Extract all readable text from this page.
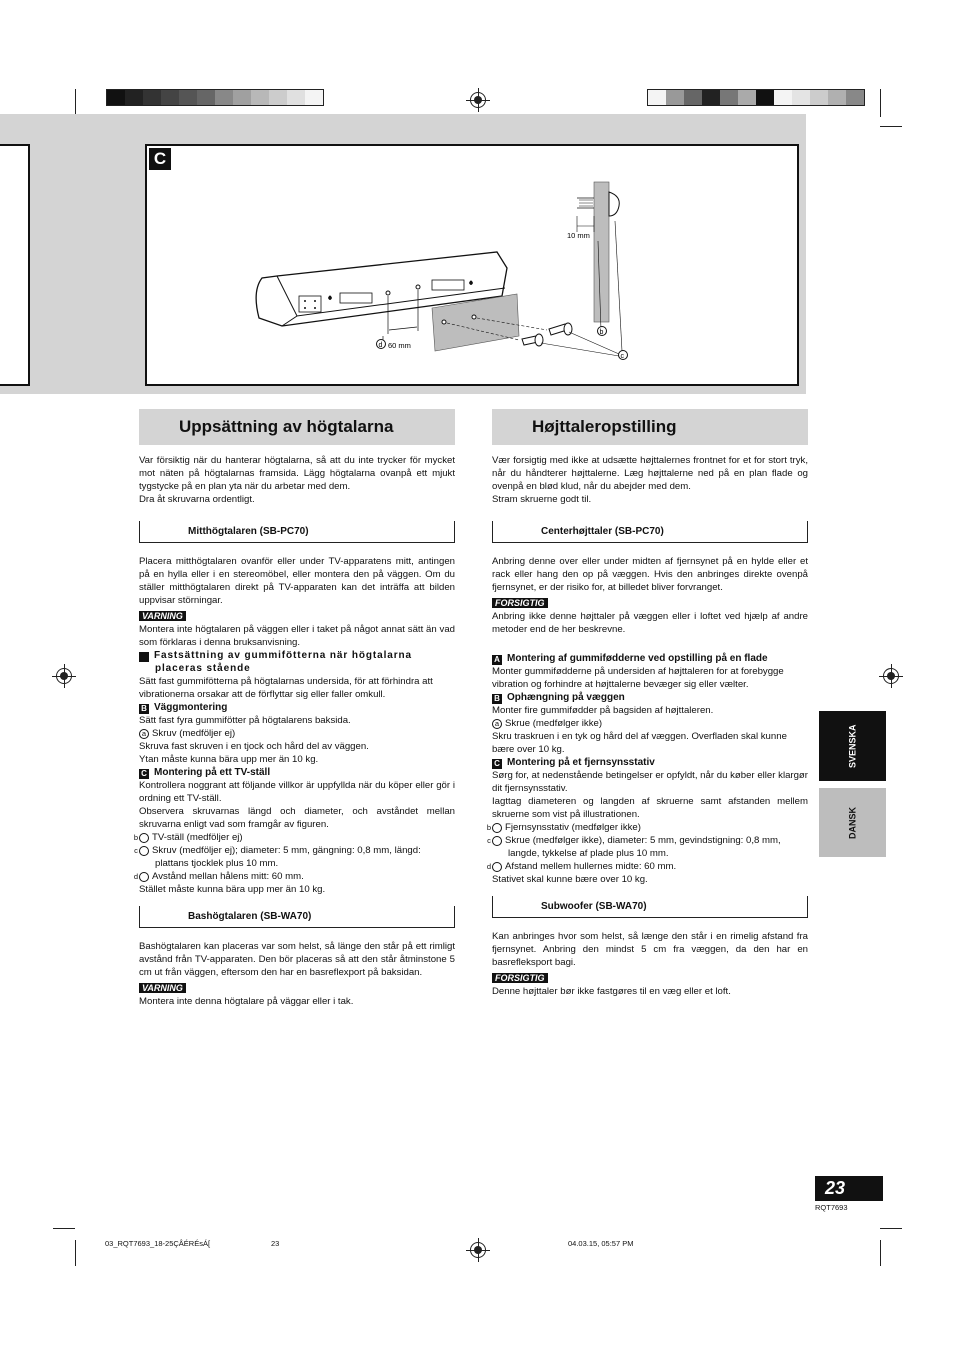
C
b
c
d
10 mm
60 mm
Uppsättning av högtalarna

Var försiktig när du hanterar högtalarna, så att du inte trycker för mycket mot näten på högtalarnas framsida. Lägg högtalarna ovanpå ett mjukt tygstycke på en plan yta när du arbetar med dem.

Dra åt skruvarna ordentligt.

Mitthögtalaren (SB-PC70)

Placera mitthögtalaren ovanför eller under TV-apparatens mitt, antingen på en hylla eller i en stereomöbel, eller montera den på väggen. Om du ställer mitthögtalaren direkt på TV-apparaten kan det inträffa att bilden uppvisar störningar.

VARNING

Montera inte högtalaren på väggen eller i taket på något annat sätt än vad som förklaras i denna bruksanvisning.

A Fastsättning av gummifötterna när högtalarna placeras stående

Sätt fast gummifötterna på högtalarnas undersida, för att förhindra att vibrationerna orsakar att de förflyttar sig eller faller omkull.

B Väggmontering

Sätt fast fyra gummifötter på högtalarens baksida.

a Skruv (medföljer ej)

Skruva fast skruven i en tjock och hård del av väggen.

Ytan måste kunna bära upp mer än 10 kg.

C Montering på ett TV-ställ

Kontrollera noggrant att följande villkor är uppfyllda när du köper eller gör i ordning ett TV-ställ.

Observera skruvarnas längd och diameter, och avståndet mellan skruvarna enligt vad som framgår av figuren.

b TV-ställ (medföljer ej)

c Skruv (medföljer ej); diameter: 5 mm, gängning: 0,8 mm, längd: plattans tjocklek plus 10 mm.

d Avstånd mellan hålens mitt: 60 mm.

Stället måste kunna bära upp mer än 10 kg.

Bashögtalaren (SB-WA70)

Bashögtalaren kan placeras var som helst, så länge den står på ett rimligt avstånd från TV-apparaten. Den bör placeras så att den står åtminstone 5 cm ut från väggen, eftersom den har en basreflexport på baksidan.

VARNING

Montera inte denna högtalare på väggar eller i tak.

Højttaleropstilling

Vær forsigtig med ikke at udsætte højttalernes frontnet for et for stort tryk, når du håndterer højttalerne. Læg højttalerne ned på en plan flade og ovenpå en blød klud, når du abejder med dem.

Stram skruerne godt til.

Centerhøjttaler (SB-PC70)

Anbring denne over eller under midten af fjernsynet på en hylde eller et rack eller hang den op på væggen. Hvis den anbringes direkte ovenpå fjernsynet, er der risiko for, at billedet bliver forvranget.

FORSIGTIG

Anbring ikke denne højttaler på væggen eller i loftet ved hjælp af andre metoder end de her beskrevne.

A Montering af gummifødderne ved opstilling på en flade

Monter gummifødderne på undersiden af højttaleren for at forebygge vibration og forhindre at højttalerne bevæger sig eller vælter.

B Ophængning på væggen

Monter fire gummifødder på bagsiden af højttaleren.

a Skrue (medfølger ikke)

Skru traskruen i en tyk og hård del af væggen. Overfladen skal kunne bære over 10 kg.

C Montering på et fjernsynsstativ

Sørg for, at nedenstående betingelser er opfyldt, når du køber eller klargør dit fjernsynsstativ.

Iagttag diameteren og langden af skruerne samt afstanden mellem skruerne som vist på illustrationen.

b Fjernsynsstativ (medfølger ikke)

c Skrue (medfølger ikke), diameter: 5 mm, gevindstigning: 0,8 mm, langde, tykkelse af plade plus 10 mm.

d Afstand mellem hullernes midte: 60 mm.

Stativet skal kunne bære over 10 kg.

Subwoofer (SB-WA70)

Kan anbringes hvor som helst, så længe den står i en rimelig afstand fra fjernsynet. Anbring den mindst 5 cm fra væggen, da den har en basrefleksport bagi.

FORSIGTIG

Denne højttaler bør ikke fastgøres til en væg eller et loft.

SVENSKA
DANSK
23
RQT7693
03_RQT7693_18-25ÇÂÉRÉsÁ[	23	04.03.15, 05:57 PM
